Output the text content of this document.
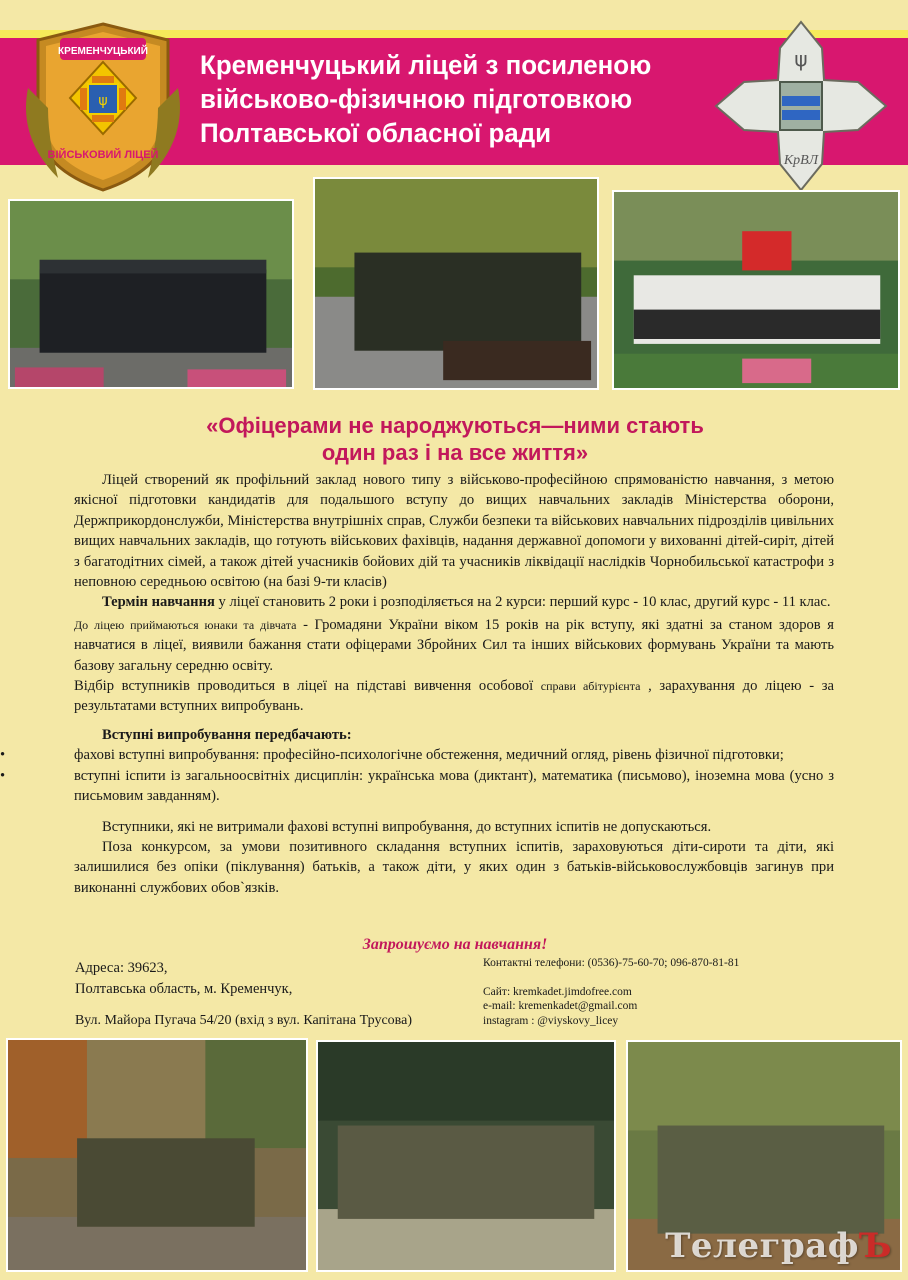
Кременчуцький ліцей з посиленою
військово-фізичною підготовкою
Полтавської обласної ради
КРЕМЕНЧУЦЬКИЙ
ψ
ВІЙСЬКОВИЙ ЛІЦЕЙ
ψ
КрВЛ
«Офіцерами не народжуються—ними стають
один раз і на все життя»

Ліцей створений як профільний заклад нового типу з військово-професійною спрямованістю навчання, з метою якісної підготовки кандидатів для подальшого вступу до вищих навчальних закладів Міністерства оборони, Держприкордонслужби, Міністерства внутрішніх справ, Служби безпеки та військових навчальних підрозділів цивільних вищих навчальних закладів, що готують військових фахівців, надання державної допомоги у вихованні дітей-сиріт, дітей з багатодітних сімей, а також дітей учасників бойових дій та учасників ліквідації наслідків Чорнобильської катастрофи з неповною середньою освітою (на базі 9-ти класів)

Термін навчання у ліцеї становить 2 роки і розподіляється на 2 курси: перший курс - 10 клас, другий курс - 11 клас.

До ліцею приймаються юнаки та дівчата - Громадяни України віком 15 років на рік вступу, які здатні за станом здоров я навчатися в ліцеї, виявили бажання стати офіцерами Збройних Сил та інших військових формувань України та мають базову загальну середню освіту.

Відбір вступників проводиться в ліцеї на підставі вивчення особової справи абітурієнта , зарахування до ліцею - за результатами вступних випробувань.

Вступні випробування передбачають:

•	фахові вступні випробування: професійно-психологічне обстеження, медичний огляд, рівень фізичної підготовки;

•	вступні іспити із загальноосвітніх дисциплін: українська мова (диктант), математика (письмово), іноземна мова (усно з письмовим завданням).

Вступники, які не витримали фахові вступні випробування, до вступних іспитів не допускаються.

Поза конкурсом, за умови позитивного складання вступних іспитів, зараховуються діти-сироти та діти, які залишилися без опіки (піклування) батьків, а також діти, у яких один з батьків-військовослужбовців загинув при виконанні службових обов`язків.

Запрошуємо на навчання!
Адреса: 39623,
Полтавська область, м. Кременчук,
Вул. Майора Пугача 54/20 (вхід з вул. Капітана Трусова)
Контактні телефони: (0536)-75-60-70; 096-870-81-81
Сайт: kremkadet.jimdofree.com
e-mail: kremenkadet@gmail.com
instagram : @viyskovy_licey
ТелеграфЪ
